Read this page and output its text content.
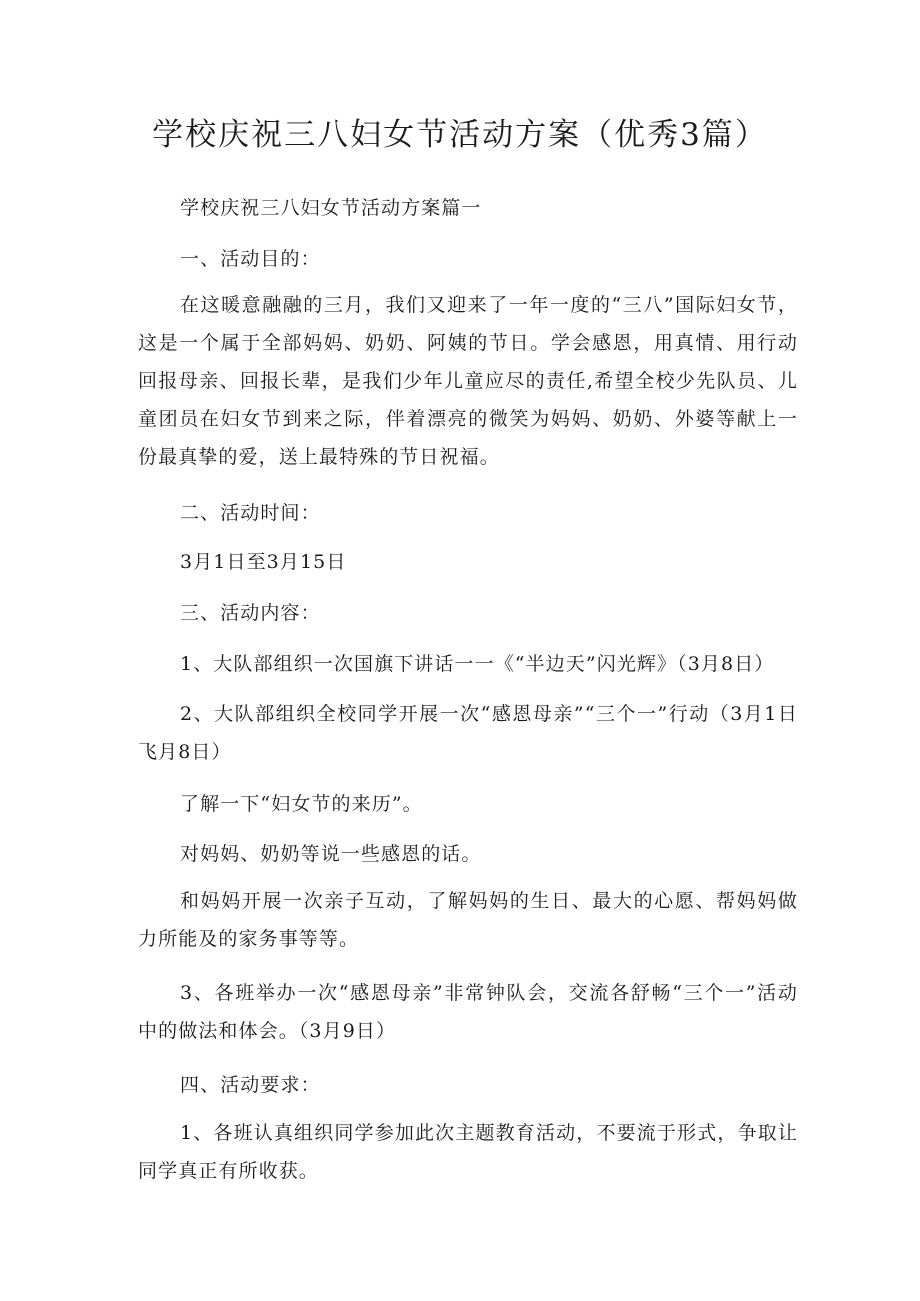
学校庆祝三八妇女节活动方案（优秀3篇）

学校庆祝三八妇女节活动方案篇一

一、活动目的：

在这暖意融融的三月，我们又迎来了一年一度的“三八”国际妇女节，这是一个属于全部妈妈、奶奶、阿姨的节日。学会感恩，用真情、用行动回报母亲、回报长辈，是我们少年儿童应尽的责任,希望全校少先队员、儿童团员在妇女节到来之际，伴着漂亮的微笑为妈妈、奶奶、外婆等献上一份最真挚的爱，送上最特殊的节日祝福。

二、活动时间：

3月1日至3月15日

三、活动内容：

1、大队部组织一次国旗下讲话一一《“半边天”闪光辉》（3月8日）

2、大队部组织全校同学开展一次“感恩母亲”“三个一”行动（3月1日飞月8日）

了解一下“妇女节的来历”。

对妈妈、奶奶等说一些感恩的话。

和妈妈开展一次亲子互动，了解妈妈的生日、最大的心愿、帮妈妈做力所能及的家务事等等。

3、各班举办一次“感恩母亲”非常钟队会，交流各舒畅“三个一”活动中的做法和体会。（3月9日）

四、活动要求：

1、各班认真组织同学参加此次主题教育活动，不要流于形式，争取让同学真正有所收获。
